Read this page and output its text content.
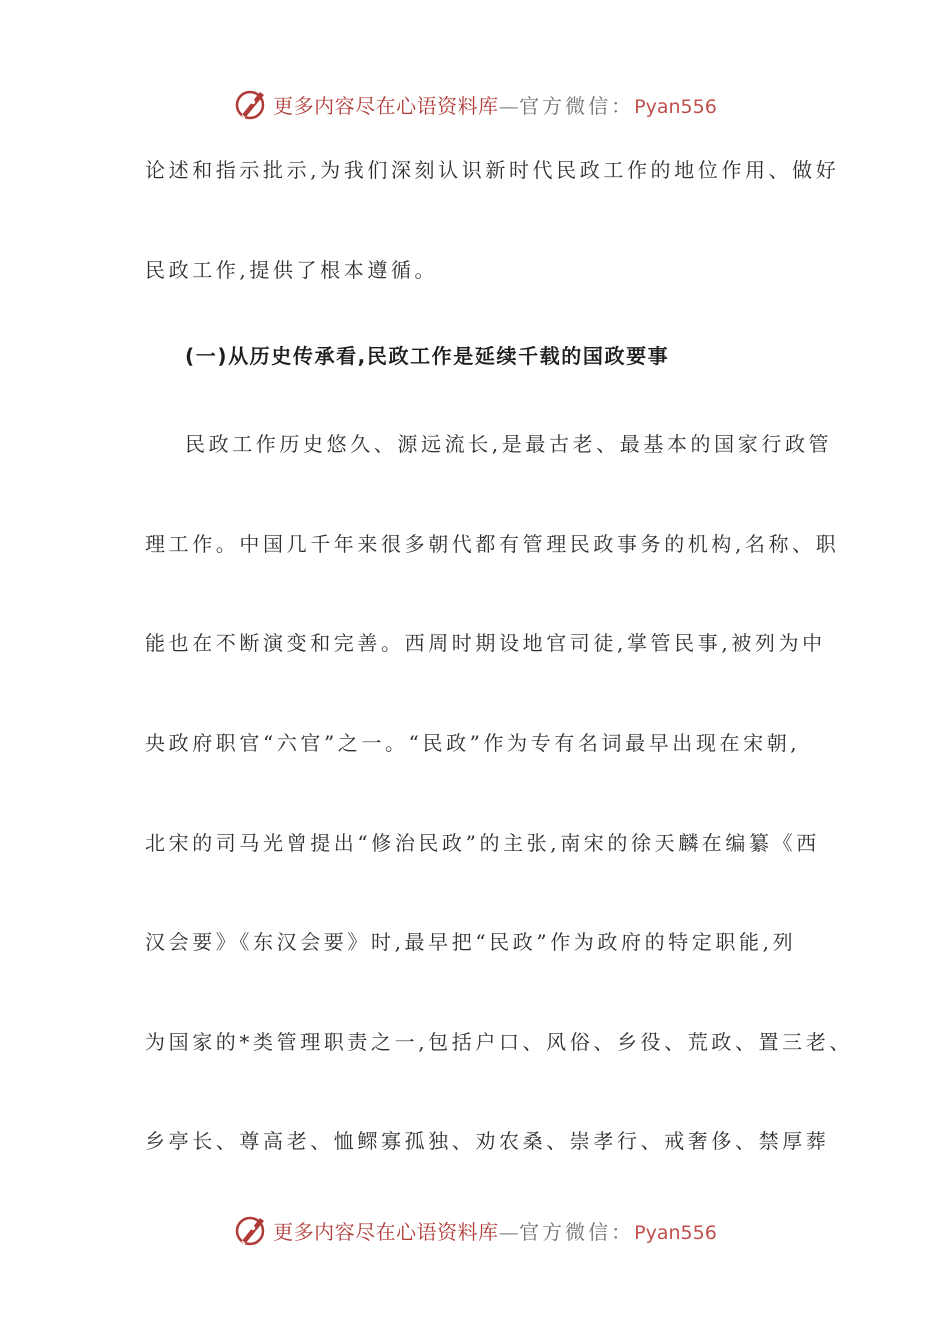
更多内容尽在心语资料库—官方微信：Pyan556
论述和指示批示,为我们深刻认识新时代民政工作的地位作用、做好
民政工作,提供了根本遵循。
(一)从历史传承看,民政工作是延续千载的国政要事
民政工作历史悠久、源远流长,是最古老、最基本的国家行政管
理工作。中国几千年来很多朝代都有管理民政事务的机构,名称、职
能也在不断演变和完善。西周时期设地官司徒,掌管民事,被列为中
央政府职官“六官”之一。“民政”作为专有名词最早出现在宋朝,
北宋的司马光曾提出“修治民政”的主张,南宋的徐天麟在编纂《西
汉会要》《东汉会要》时,最早把“民政”作为政府的特定职能,列
为国家的*类管理职责之一,包括户口、风俗、乡役、荒政、置三老、
乡亭长、尊高老、恤鳏寡孤独、劝农桑、崇孝行、戒奢侈、禁厚葬
更多内容尽在心语资料库—官方微信：Pyan556
